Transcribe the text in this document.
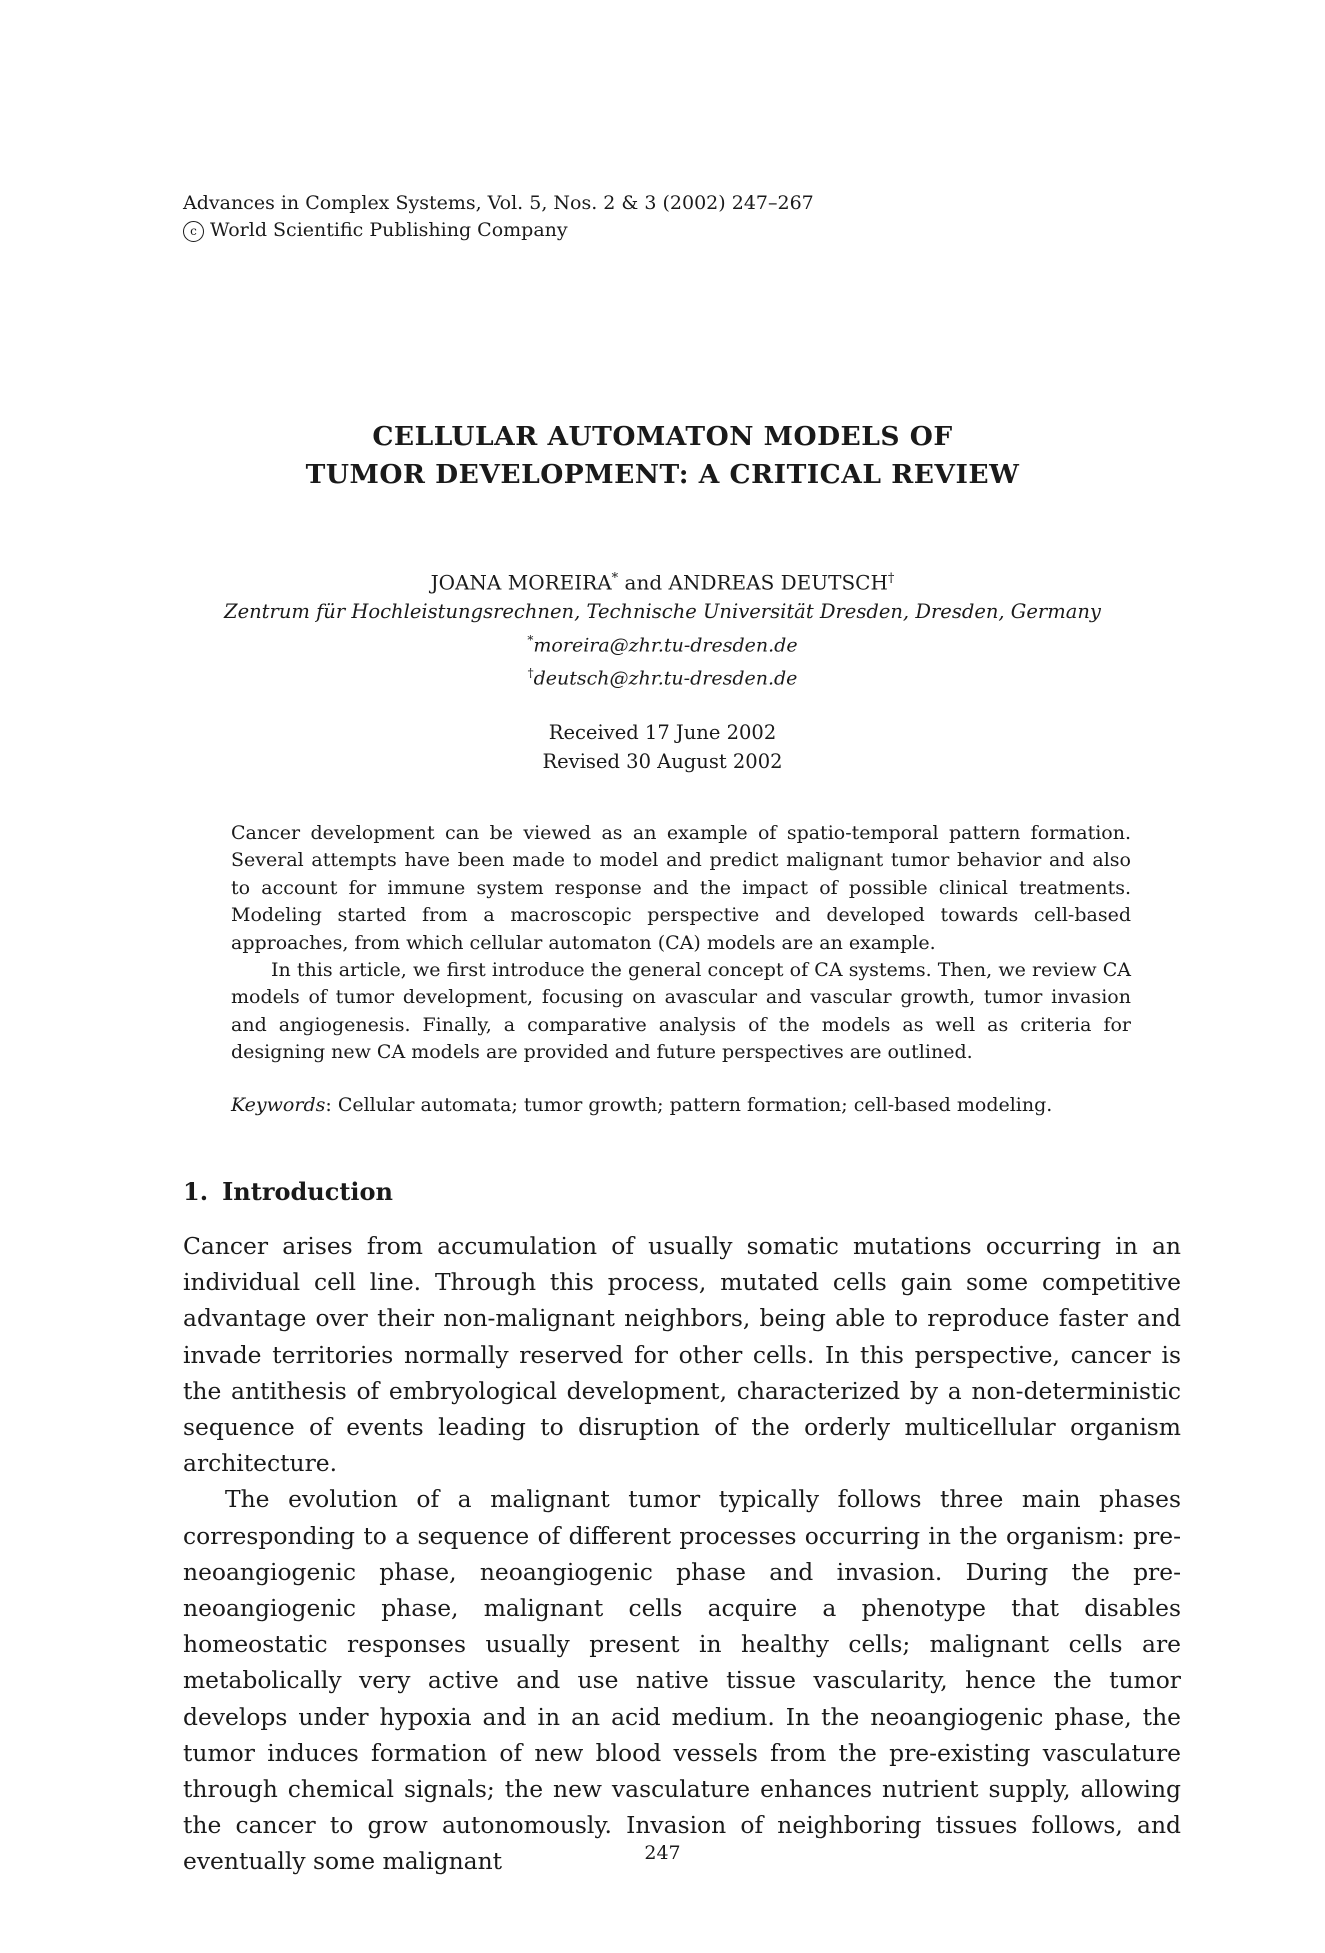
Advances in Complex Systems, Vol. 5, Nos. 2 & 3 (2002) 247–267
c World Scientific Publishing Company
CELLULAR AUTOMATON MODELS OF
TUMOR DEVELOPMENT: A CRITICAL REVIEW
JOANA MOREIRA* and ANDREAS DEUTSCH†
Zentrum für Hochleistungsrechnen, Technische Universität Dresden, Dresden, Germany
*moreira@zhr.tu-dresden.de
†deutsch@zhr.tu-dresden.de
Received 17 June 2002
Revised 30 August 2002

Cancer development can be viewed as an example of spatio-temporal pattern formation. Several attempts have been made to model and predict malignant tumor behavior and also to account for immune system response and the impact of possible clinical treatments. Modeling started from a macroscopic perspective and developed towards cell-based approaches, from which cellular automaton (CA) models are an example.

In this article, we first introduce the general concept of CA systems. Then, we review CA models of tumor development, focusing on avascular and vascular growth, tumor invasion and angiogenesis. Finally, a comparative analysis of the models as well as criteria for designing new CA models are provided and future perspectives are outlined.

Keywords: Cellular automata; tumor growth; pattern formation; cell-based modeling.
1. Introduction

Cancer arises from accumulation of usually somatic mutations occurring in an individual cell line. Through this process, mutated cells gain some competitive advantage over their non-malignant neighbors, being able to reproduce faster and invade territories normally reserved for other cells. In this perspective, cancer is the antithesis of embryological development, characterized by a non-deterministic sequence of events leading to disruption of the orderly multicellular organism architecture.

The evolution of a malignant tumor typically follows three main phases corresponding to a sequence of different processes occurring in the organism: pre-neoangiogenic phase, neoangiogenic phase and invasion. During the pre-neoangiogenic phase, malignant cells acquire a phenotype that disables homeostatic responses usually present in healthy cells; malignant cells are metabolically very active and use native tissue vascularity, hence the tumor develops under hypoxia and in an acid medium. In the neoangiogenic phase, the tumor induces formation of new blood vessels from the pre-existing vasculature through chemical signals; the new vasculature enhances nutrient supply, allowing the cancer to grow autonomously. Invasion of neighboring tissues follows, and eventually some malignant	247
